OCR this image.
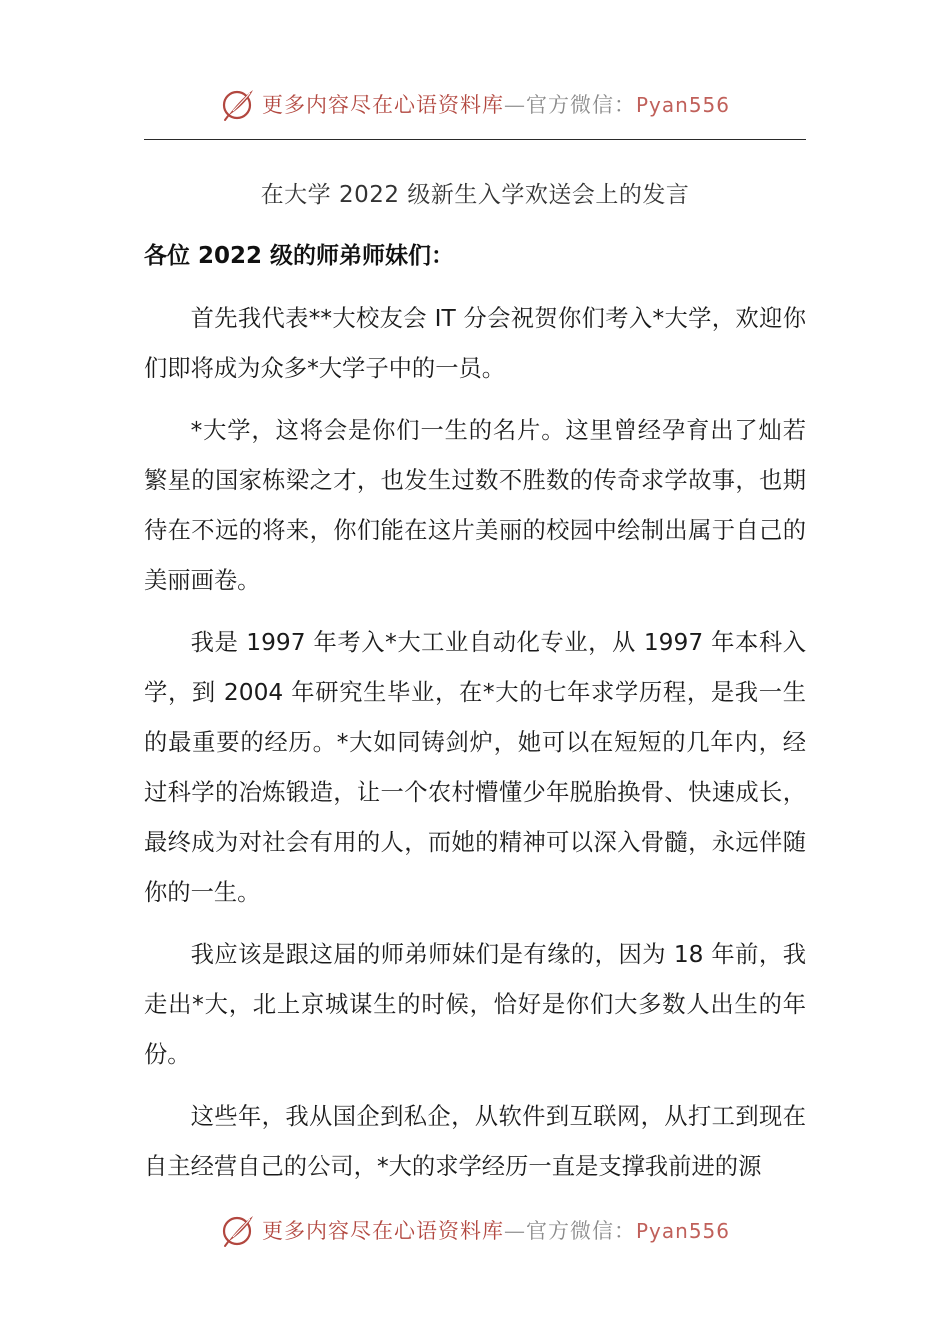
更多内容尽在心语资料库—官方微信：Pyan556
在大学 2022 级新生入学欢送会上的发言

各位 2022 级的师弟师妹们：

首先我代表**大校友会 IT 分会祝贺你们考入*大学，欢迎你们即将成为众多*大学子中的一员。

*大学，这将会是你们一生的名片。这里曾经孕育出了灿若繁星的国家栋梁之才，也发生过数不胜数的传奇求学故事，也期待在不远的将来，你们能在这片美丽的校园中绘制出属于自己的美丽画卷。

我是 1997 年考入*大工业自动化专业，从 1997 年本科入学，到 2004 年研究生毕业，在*大的七年求学历程，是我一生的最重要的经历。*大如同铸剑炉，她可以在短短的几年内，经过科学的冶炼锻造，让一个农村懵懂少年脱胎换骨、快速成长，最终成为对社会有用的人，而她的精神可以深入骨髓，永远伴随你的一生。

我应该是跟这届的师弟师妹们是有缘的，因为 18 年前，我走出*大，北上京城谋生的时候，恰好是你们大多数人出生的年份。

这些年，我从国企到私企，从软件到互联网，从打工到现在自主经营自己的公司，*大的求学经历一直是支撑我前进的源

更多内容尽在心语资料库—官方微信：Pyan556
